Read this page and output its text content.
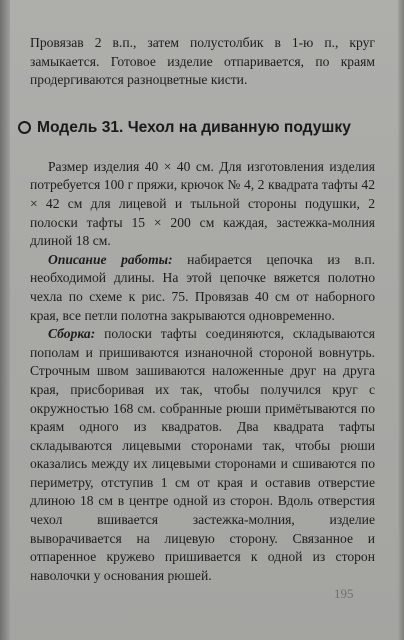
Провязав 2 в.п., затем полустолбик в 1-ю п., круг замыкается. Готовое изделие отпаривается, по краям продергиваются разноцветные кисти.

Модель 31. Чехол на диванную подушку

Размер изделия 40 × 40 см. Для изготовления изделия потребуется 100 г пряжи, крючок № 4, 2 квадрата тафты 42 × 42 см для лицевой и тыльной стороны подушки, 2 полоски тафты 15 × 200 см каждая, застежка-молния длиной 18 см.

Описание работы: набирается цепочка из в.п. необходимой длины. На этой цепочке вяжется полотно чехла по схеме к рис. 75. Провязав 40 см от наборного края, все петли полотна закрываются одновременно.

Сборка: полоски тафты соединяются, складываются пополам и пришиваются изнаночной стороной вовнутрь. Строчным швом зашиваются наложенные друг на друга края, присборивая их так, чтобы получился круг с окружностью 168 см. собранные рюши примётываются по краям одного из квадратов. Два квадрата тафты складываются лицевыми сторонами так, чтобы рюши оказались между их лицевыми сторонами и сшиваются по периметру, отступив 1 см от края и оставив отверстие длиною 18 см в центре одной из сторон. Вдоль отверстия чехол вшивается застежка-молния, изделие выворачивается на лицевую сторону. Связанное и отпаренное кружево пришивается к одной из сторон наволочки у основания рюшей.

195
